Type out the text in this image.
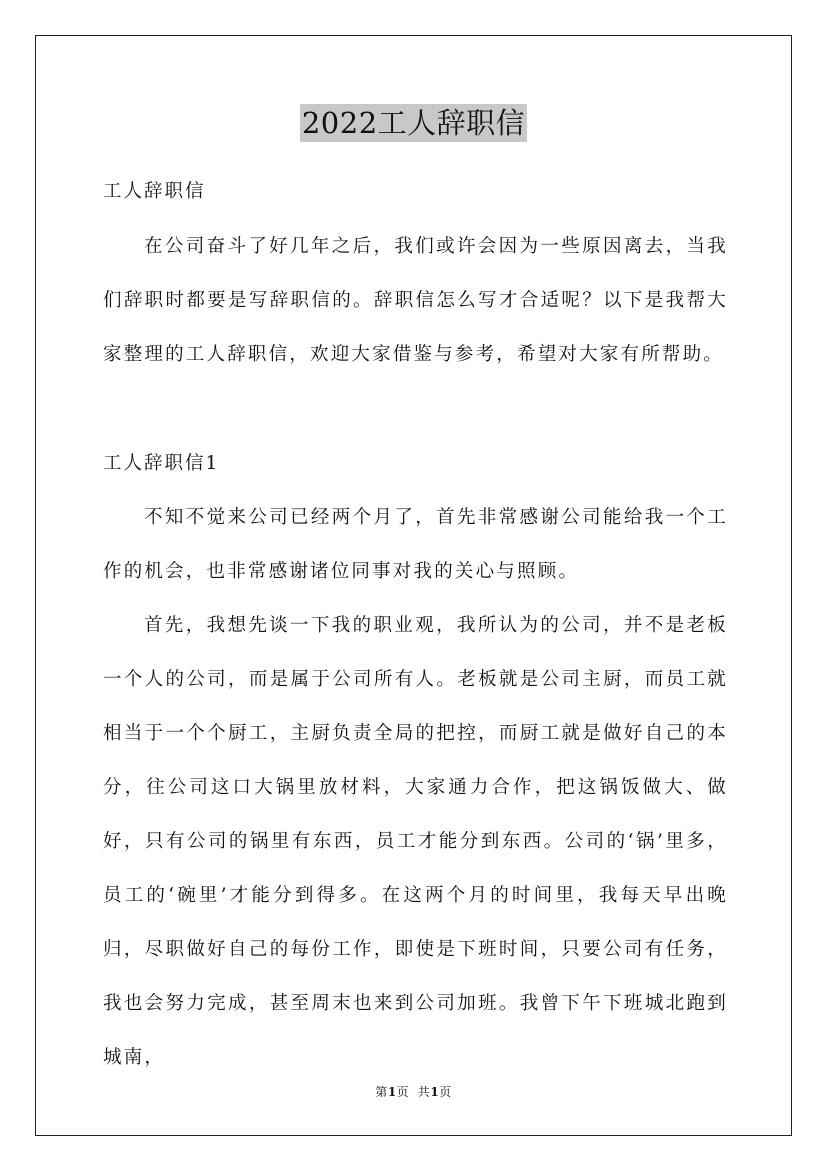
2022工人辞职信
工人辞职信
在公司奋斗了好几年之后，我们或许会因为一些原因离去，当我们辞职时都要是写辞职信的。辞职信怎么写才合适呢？以下是我帮大家整理的工人辞职信，欢迎大家借鉴与参考，希望对大家有所帮助。
工人辞职信1
不知不觉来公司已经两个月了，首先非常感谢公司能给我一个工作的机会，也非常感谢诸位同事对我的关心与照顾。
首先，我想先谈一下我的职业观，我所认为的公司，并不是老板一个人的公司，而是属于公司所有人。老板就是公司主厨，而员工就相当于一个个厨工，主厨负责全局的把控，而厨工就是做好自己的本分，往公司这口大锅里放材料，大家通力合作，把这锅饭做大、做好，只有公司的锅里有东西，员工才能分到东西。公司的‘锅’里多，员工的‘碗里’才能分到得多。在这两个月的时间里，我每天早出晚归，尽职做好自己的每份工作，即使是下班时间，只要公司有任务，我也会努力完成，甚至周末也来到公司加班。我曾下午下班城北跑到城南，
第1页  共1页
